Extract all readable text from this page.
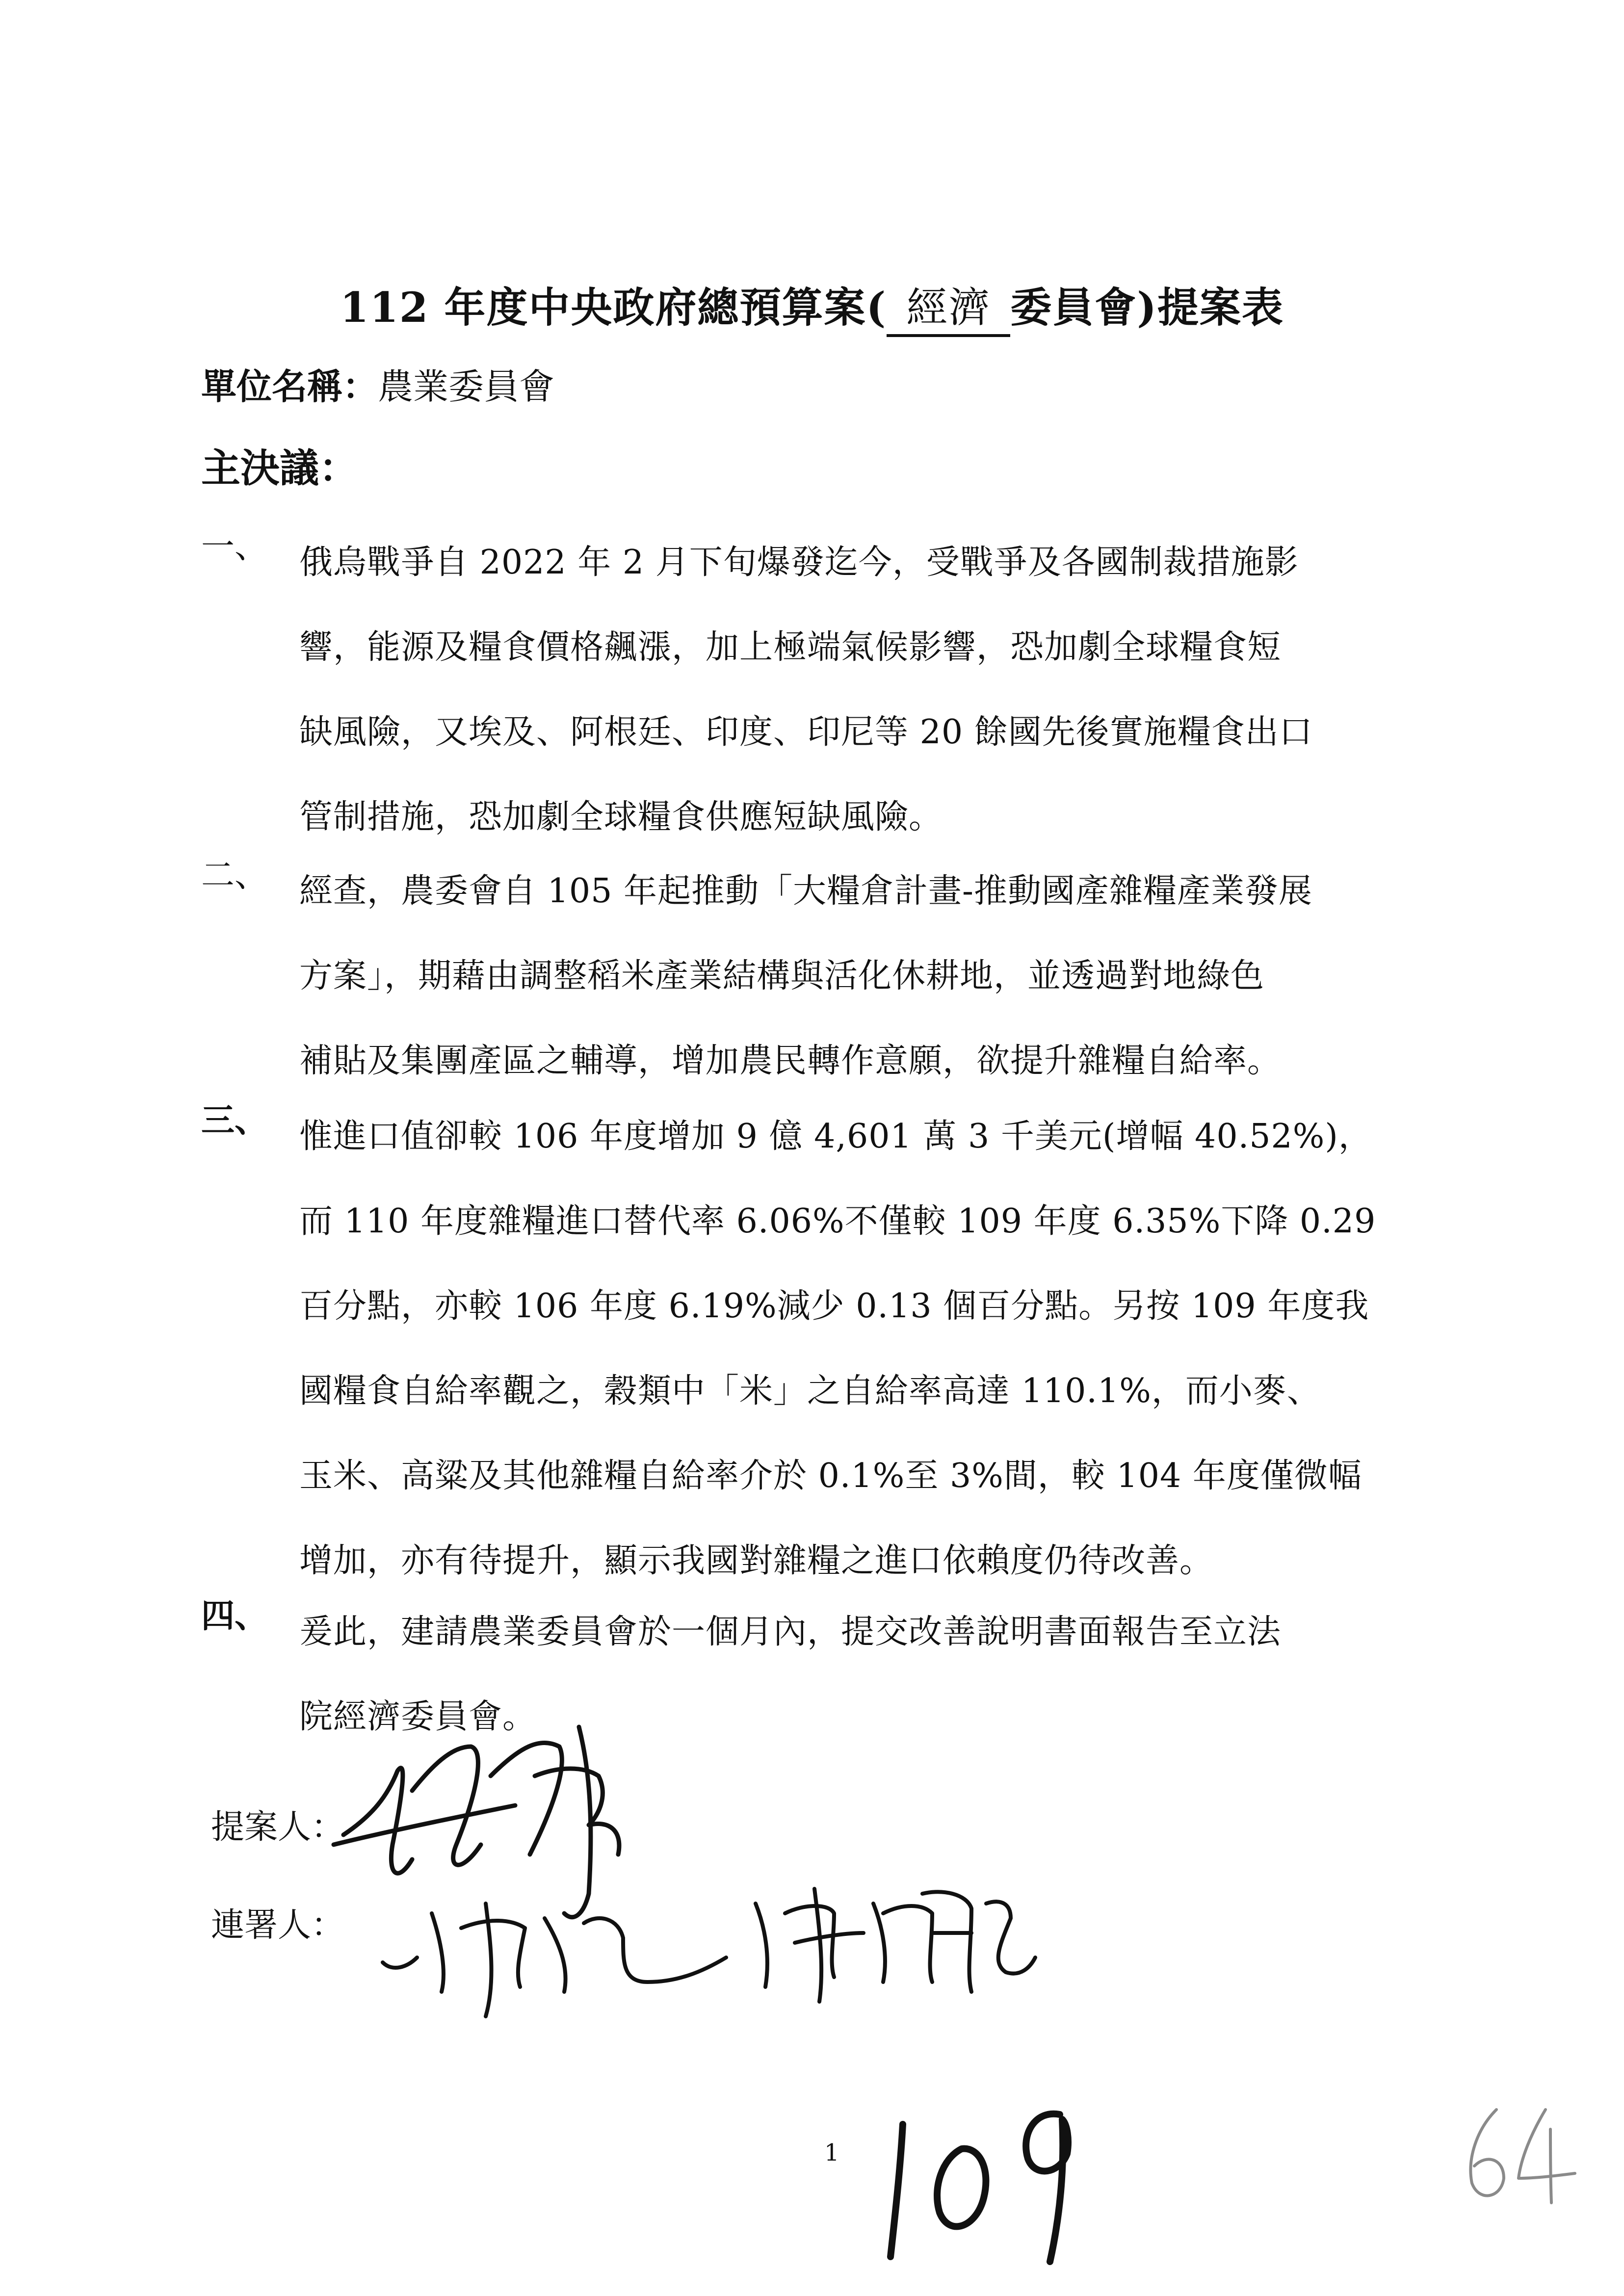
112 年度中央政府總預算案( 經濟 委員會)提案表
單位名稱：農業委員會
主決議：
一、 俄烏戰爭自 2022 年 2 月下旬爆發迄今，受戰爭及各國制裁措施影
響，能源及糧食價格飆漲，加上極端氣候影響，恐加劇全球糧食短
缺風險，又埃及、阿根廷、印度、印尼等 20 餘國先後實施糧食出口
管制措施，恐加劇全球糧食供應短缺風險。
二、 經查，農委會自 105 年起推動「大糧倉計畫-推動國產雜糧產業發展
方案」，期藉由調整稻米產業結構與活化休耕地，並透過對地綠色
補貼及集團產區之輔導，增加農民轉作意願，欲提升雜糧自給率。
三、 惟進口值卻較 106 年度增加 9 億 4,601 萬 3 千美元(增幅 40.52%)，
而 110 年度雜糧進口替代率 6.06%不僅較 109 年度 6.35%下降 0.29
百分點，亦較 106 年度 6.19%減少 0.13 個百分點。另按 109 年度我
國糧食自給率觀之，穀類中「米」之自給率高達 110.1%，而小麥、
玉米、高粱及其他雜糧自給率介於 0.1%至 3%間，較 104 年度僅微幅
增加，亦有待提升，顯示我國對雜糧之進口依賴度仍待改善。
四、 爰此，建請農業委員會於一個月內，提交改善說明書面報告至立法
院經濟委員會。
提案人：
連署人：
1
